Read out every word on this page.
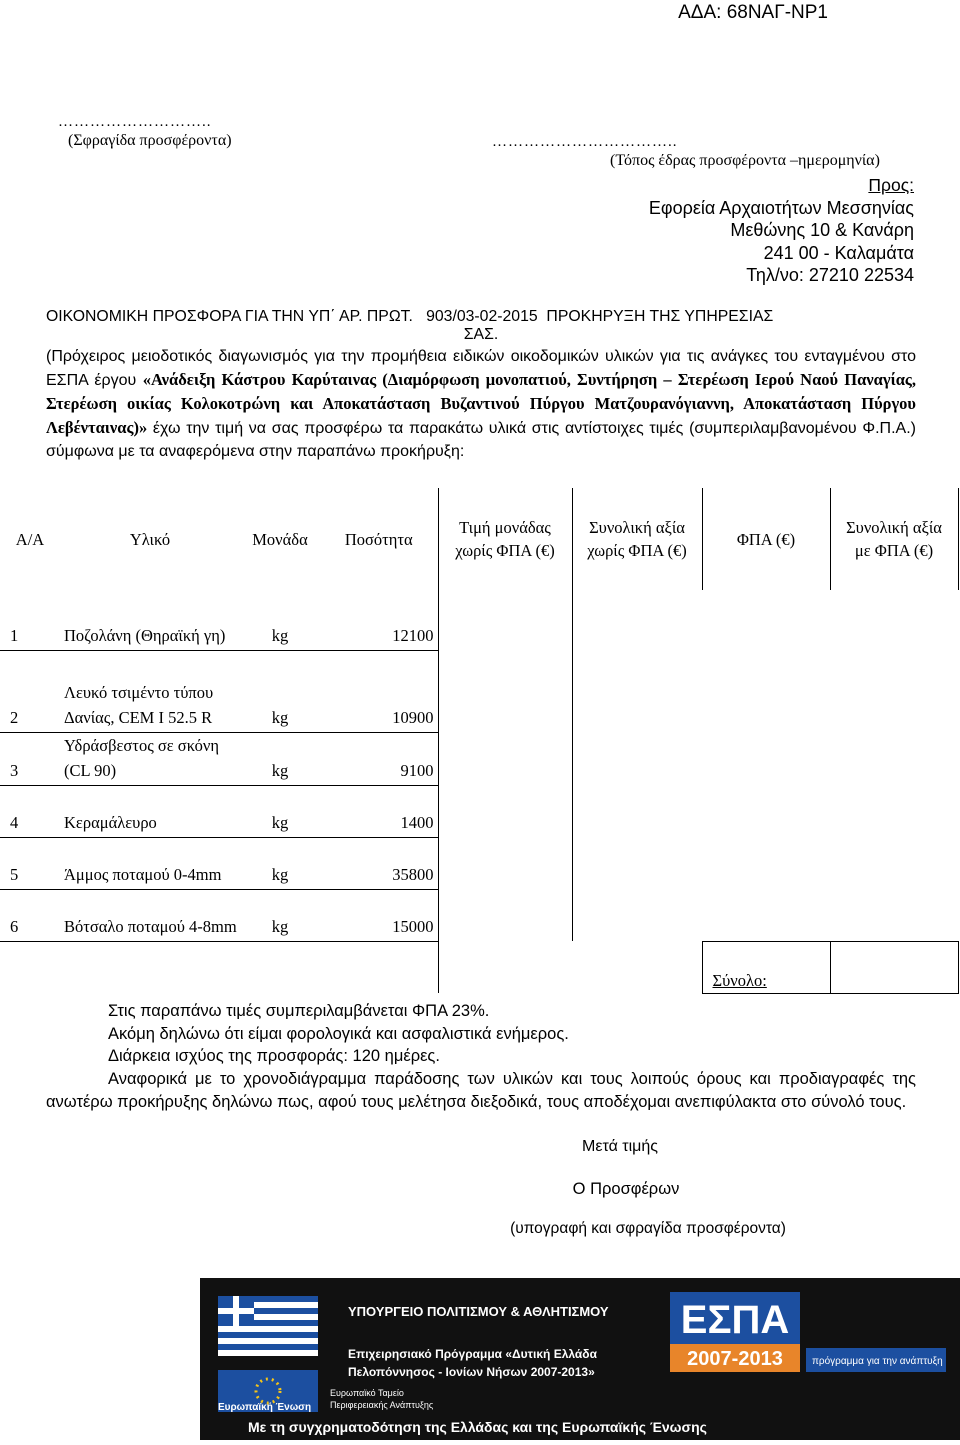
ΑΔΑ: 68ΝΑΓ-ΝΡ1
………………………..
(Σφραγίδα προσφέροντα)	……………………………..
(Τόπος έδρας προσφέροντα –ημερομηνία)
Προς:
Εφορεία Αρχαιοτήτων Μεσσηνίας
Μεθώνης 10 & Κανάρη
241 00 - Καλαμάτα
Τηλ/νο: 27210 22534
ΟΙΚΟΝΟΜΙΚΗ ΠΡΟΣΦΟΡΑ ΓΙΑ ΤΗΝ ΥΠ΄ ΑΡ. ΠΡΩΤ.   903/03-02-2015  ΠΡΟΚΗΡΥΞΗ ΤΗΣ ΥΠΗΡΕΣΙΑΣ
ΣΑΣ.
(Πρόχειρος μειοδοτικός διαγωνισμός για την προμήθεια ειδικών οικοδομικών υλικών για τις ανάγκες του ενταγμένου στο ΕΣΠΑ έργου «Ανάδειξη Κάστρου Καρύταινας (Διαμόρφωση μονοπατιού, Συντήρηση – Στερέωση Ιερού Ναού Παναγίας, Στερέωση οικίας Κολοκοτρώνη και Αποκατάσταση Βυζαντινού Πύργου Ματζουρανόγιαννη, Αποκατάσταση Πύργου Λεβένταινας)» έχω την τιμή να σας προσφέρω τα παρακάτω υλικά στις αντίστοιχες τιμές (συμπεριλαμβανομένου Φ.Π.Α.) σύμφωνα με τα αναφερόμενα στην παραπάνω προκήρυξη:
Α/Α	Υλικό	Μονάδα	Ποσότητα	Τιμή μονάδας χωρίς ΦΠΑ (€)	Συνολική αξία χωρίς ΦΠΑ (€)	ΦΠΑ (€)	Συνολική αξία με ΦΠΑ (€)
1	Ποζολάνη (Θηραϊκή γη)	kg	12100				
2	Λευκό τσιμέντο τύπου Δανίας, CEM I 52.5 R	kg	10900				
3	Υδράσβεστος σε σκόνη (CL 90)	kg	9100				
4	Κεραμάλευρο	kg	1400				
5	Άμμος ποταμού 0-4mm	kg	35800				
6	Βότσαλο ποταμού 4-8mm	kg	15000				
						Σύνολο:	
Στις παραπάνω τιμές συμπεριλαμβάνεται ΦΠΑ 23%.
Ακόμη δηλώνω ότι είμαι φορολογικά και ασφαλιστικά ενήμερος.
Διάρκεια ισχύος της προσφοράς: 120 ημέρες.
Αναφορικά με το χρονοδιάγραμμα παράδοσης των υλικών και τους λοιπούς όρους και προδιαγραφές της ανωτέρω προκήρυξης δηλώνω πως, αφού τους μελέτησα διεξοδικά, τους αποδέχομαι ανεπιφύλακτα στο σύνολό τους.
Μετά τιμής
Ο Προσφέρων
(υπογραφή και σφραγίδα προσφέροντα)
ΥΠΟΥΡΓΕΙΟ ΠΟΛΙΤΙΣΜΟΥ & ΑΘΛΗΤΙΣΜΟΥ
Επιχειρησιακό Πρόγραμμα «Δυτική Ελλάδα
Πελοπόννησος - Ιονίων Νήσων 2007-2013»
ΕΣΠΑ
2007-2013	πρόγραμμα για την ανάπτυξη
Ευρωπαϊκή Ένωση
Ευρωπαϊκό Ταμείο
Περιφερειακής Ανάπτυξης
Με τη συγχρηματοδότηση της Ελλάδας και της Ευρωπαϊκής Ένωσης
